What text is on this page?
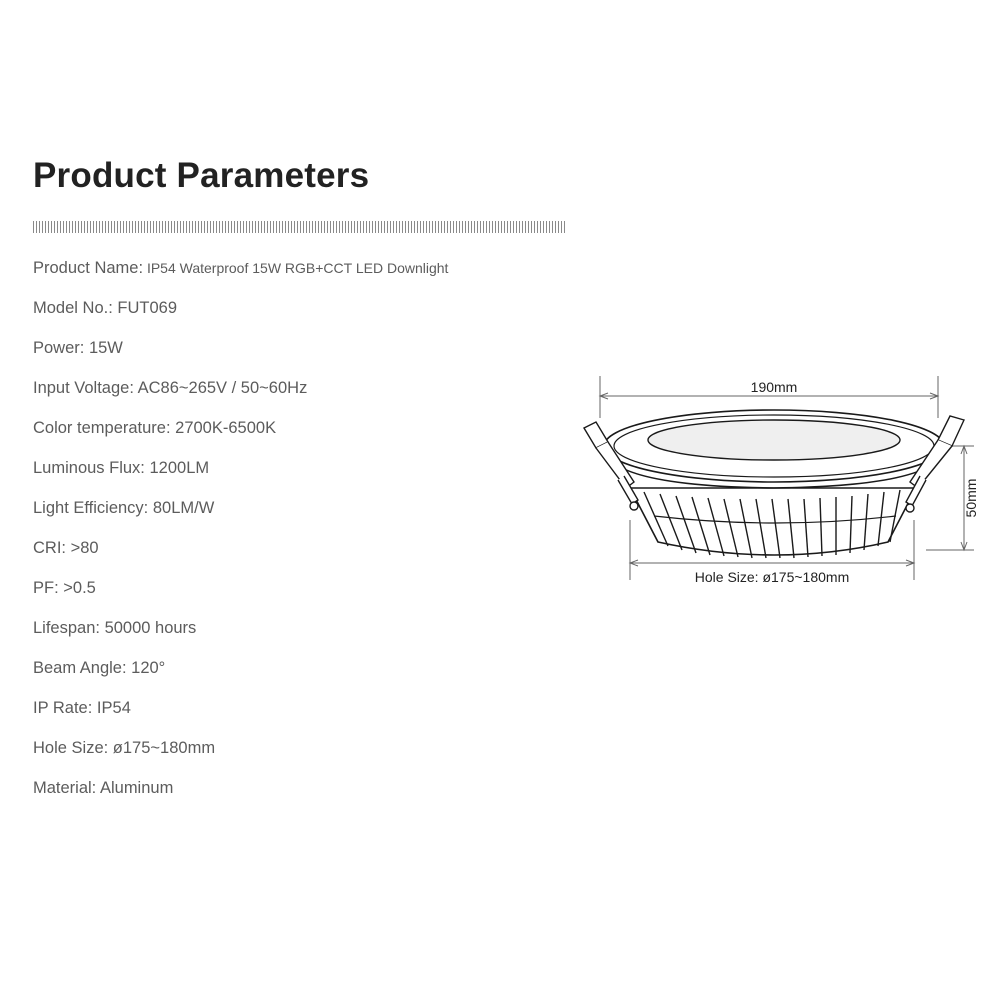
Product Parameters
Product Name: IP54 Waterproof 15W RGB+CCT LED Downlight
Model No.: FUT069
Power: 15W
Input Voltage: AC86~265V / 50~60Hz
Color temperature: 2700K-6500K
Luminous Flux: 1200LM
Light Efficiency: 80LM/W
CRI: >80
PF: >0.5
Lifespan: 50000 hours
Beam Angle: 120°
IP Rate: IP54
Hole Size: ø175~180mm
Material: Aluminum
190mm
50mm
Hole Size: ø175~180mm
